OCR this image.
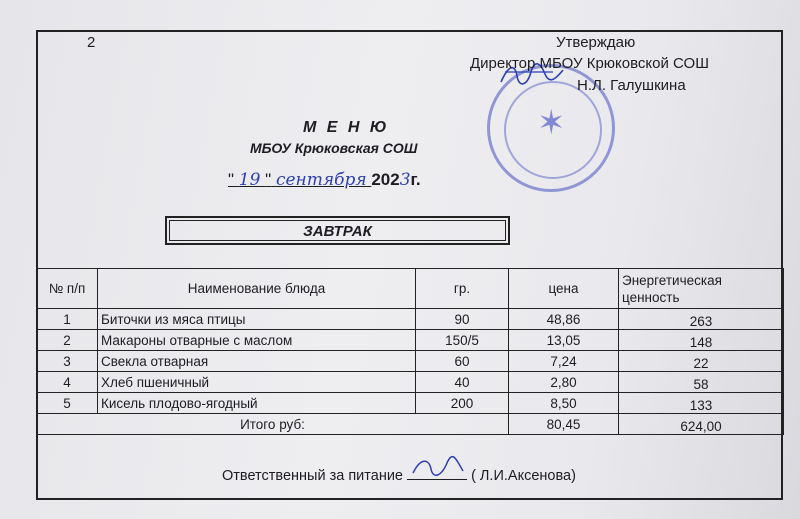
2
✶
Утверждаю
Директор МБОУ Крюковской СОШ
Н.Л. Галушкина
М Е Н Ю
МБОУ Крюковская СОШ
" 19 " сентября 2023г.
ЗАВТРАК
№ п/п	Наименование блюда	гр.	цена	Энергетическая ценность
1	Биточки из мяса птицы	90	48,86	263
2	Макароны отварные с маслом	150/5	13,05	148
3	Свекла отварная	60	7,24	22
4	Хлеб пшеничный	40	2,80	58
5	Кисель плодово-ягодный	200	8,50	133
Итого руб:			80,45	624,00
Ответственный за питание	( Л.И.Аксенова)
